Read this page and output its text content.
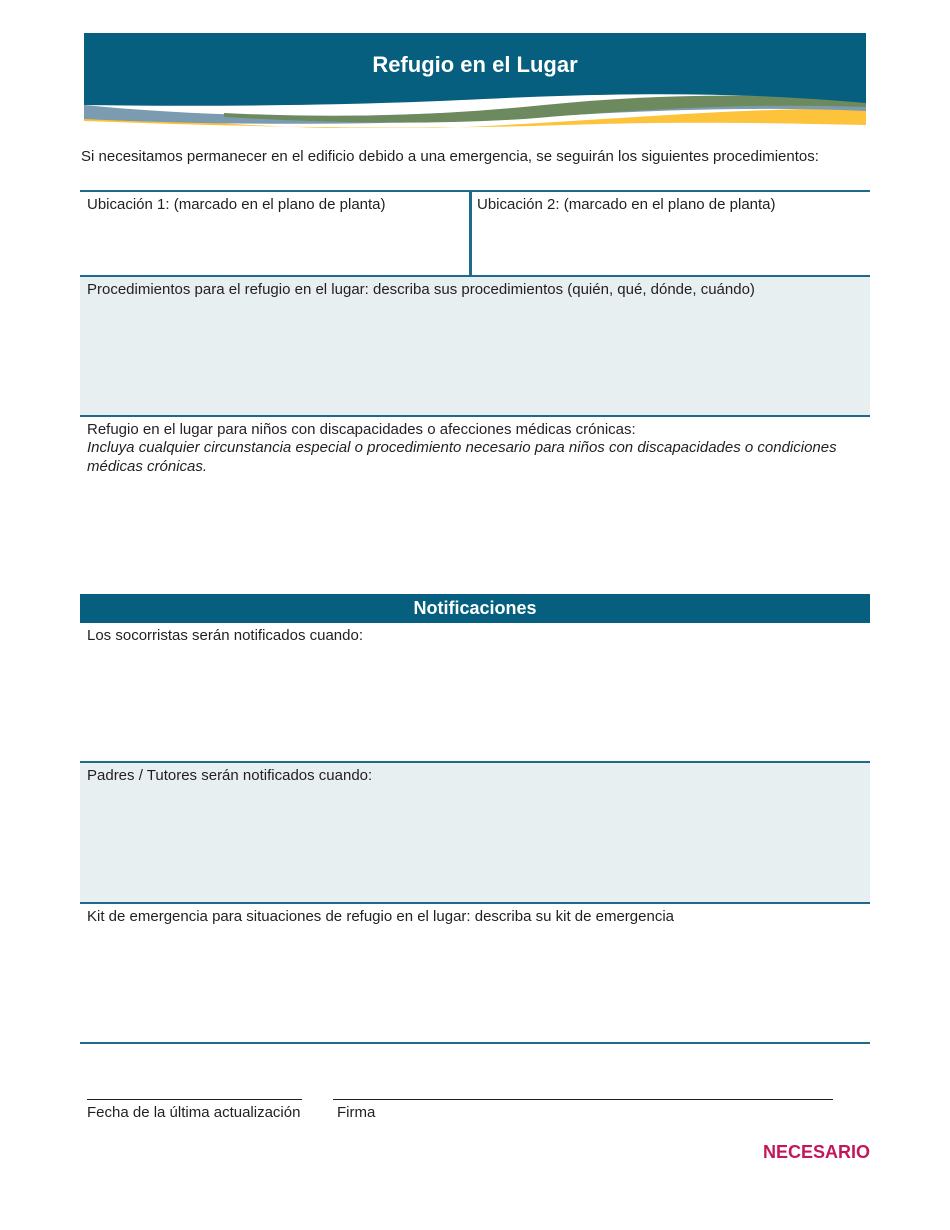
Refugio en el Lugar
Si necesitamos permanecer en el edificio debido a una emergencia, se seguirán los siguientes procedimientos:
Ubicación 1: (marcado en el plano de planta)	Ubicación 2: (marcado en el plano de planta)
Procedimientos para el refugio en el lugar: describa sus procedimientos (quién, qué, dónde, cuándo)
Refugio en el lugar para niños con discapacidades o afecciones médicas crónicas:
Incluya cualquier circunstancia especial o procedimiento necesario para niños con discapacidades o condiciones médicas crónicas.
Notificaciones
Los socorristas serán notificados cuando:
Padres / Tutores serán notificados cuando:
Kit de emergencia para situaciones de refugio en el lugar: describa su kit de emergencia
Fecha de la última actualización Firma
NECESARIO
